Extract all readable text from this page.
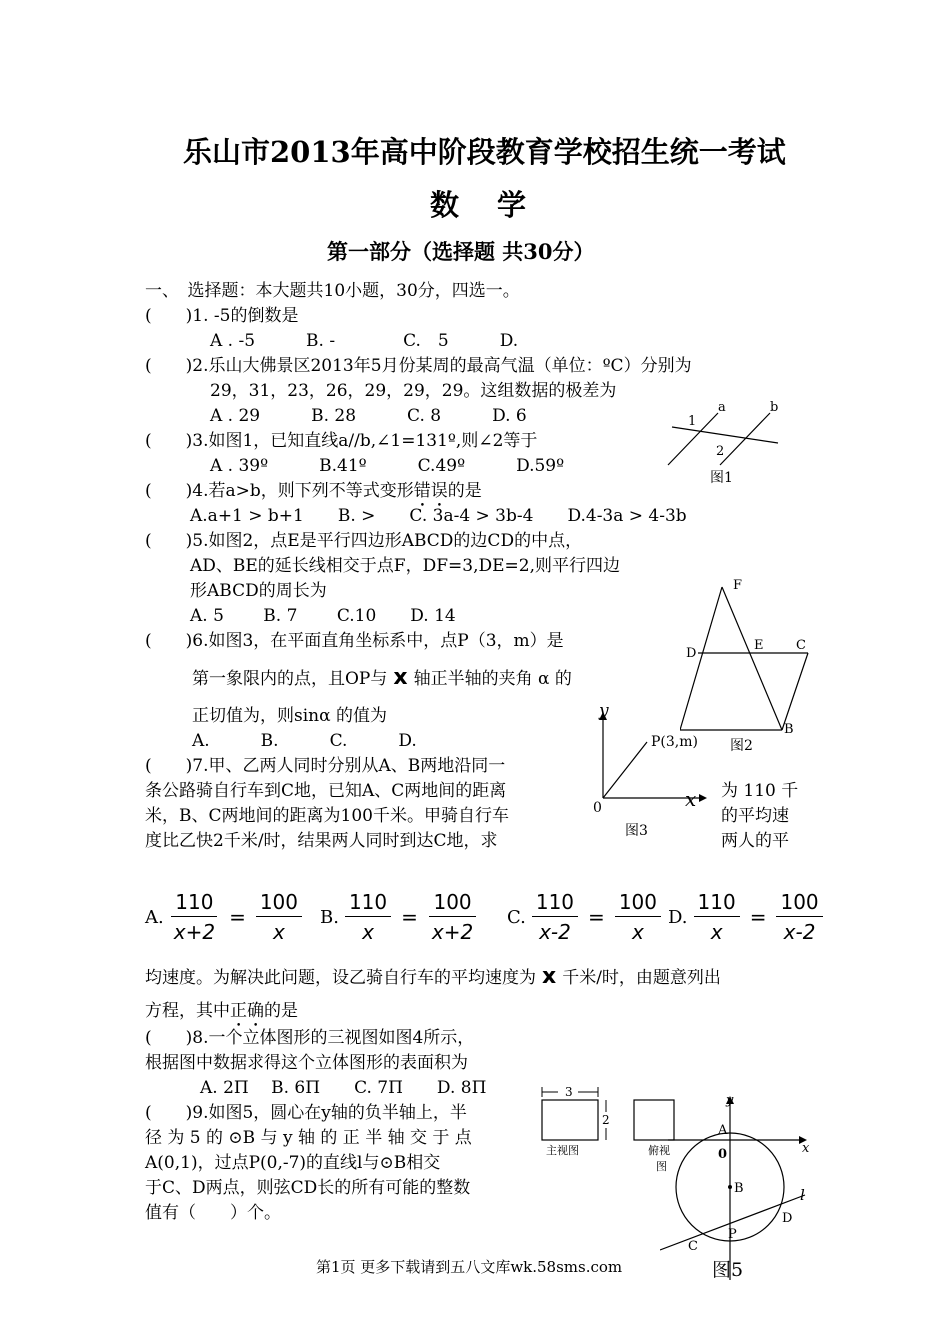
乐山市2013年高中阶段教育学校招生统一考试
数学
第一部分（选择题 共30分）
一、　选择题：本大题共10小题，30分，四选一。
(　　)1. -5的倒数是
A . -5　　　B. -　　　　C.　5　　　D.
(　　)2.乐山大佛景区2013年5月份某周的最高气温（单位：ºC）分别为
29，31，23，26，29，29，29。这组数据的极差为
A . 29　　　B. 28　　　C. 8　　　D. 6
(　　)3.如图1，已知直线a//b,∠1=131º,则∠2等于
A . 39º　　　B.41º　　　C.49º　　　D.59º
(　　)4.若a>b，则下列不等式变形错误的是
A.a+1 > b+1　　B. >　　C. 3a-4 > 3b-4　　D.4-3a > 4-3b
(　　)5.如图2，点E是平行四边形ABCD的边CD的中点，
AD、BE的延长线相交于点F，DF=3,DE=2,则平行四边
形ABCD的周长为
A. 5　　 B. 7　　 C.10　　D. 14
(　　)6.如图3，在平面直角坐标系中，点P（3，m）是
第一象限内的点，且OP与 x 轴正半轴的夹角 α 的
正切值为，则sinα 的值为
A.　　　B.　　　C.　　　D.
(　　)7.甲、乙两人同时分别从A、B两地沿同一
条公路骑自行车到C地，已知A、C两地间的距离
米，B、C两地间的距离为100千米。甲骑自行车
度比乙快2千米/时，结果两人同时到达C地，求
为 110 千
的平均速
两人的平
A. $\frac{110}{x+2} = \frac{100}{x} B$. $\frac{110}{x} = \frac{100}{x+2} C$. $\frac{110}{x-2} = \frac{100}{x} D$. $\frac{110}{x} = \frac{100}{x-2}$
均速度。为解决此问题，设乙骑自行车的平均速度为 x 千米/时，由题意列出
方程，其中正确的是
(　　)8.一个立体图形的三视图如图4所示，
根据图中数据求得这个立体图形的表面积为
A. 2Π　 B. 6Π　　C. 7Π　　D. 8Π
(　　)9.如图5，圆心在y轴的负半轴上，半
径 为 5 的 ⊙B 与 y 轴 的 正 半 轴 交 于 点
A(0,1)，过点P(0,-7)的直线l与⊙B相交
于C、D两点，则弦CD长的所有可能的整数
值有（　　）个。
a	b
1
2
图1
F
D
E	C
B
图2
y
x
0
P(3,m)
图3
3
2
主视图	俯视
图
y
x
A
0
B
P
C
D
l
图5
第1页 更多下载请到五八文库wk.58sms.com
